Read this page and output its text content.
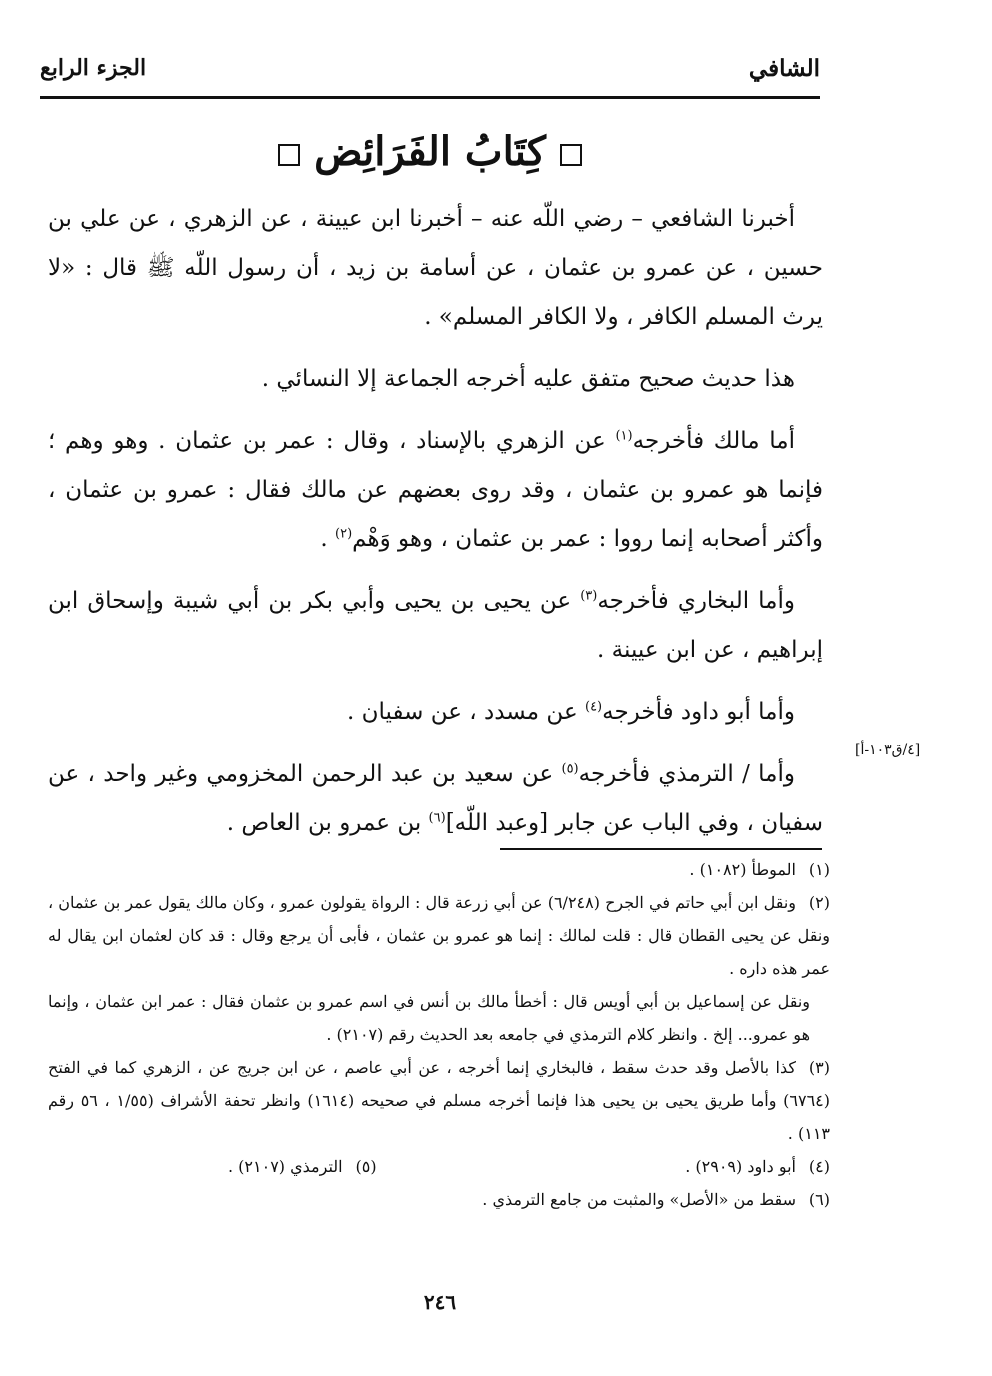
الشافي
الجزء الرابع
كِتَابُ الفَرَائِض

أخبرنا الشافعي – رضي اللّه عنه – أخبرنا ابن عيينة ، عن الزهري ، عن علي بن حسين ، عن عمرو بن عثمان ، عن أسامة بن زيد ، أن رسول اللّه ﷺ قال : «لا يرث المسلم الكافر ، ولا الكافر المسلم» .

هذا حديث صحيح متفق عليه أخرجه الجماعة إلا النسائي .

أما مالك فأخرجه$^{(١)}$ عن الزهري بالإسناد ، وقال : عمر بن عثمان . وهو وهم ؛ فإنما هو عمرو بن عثمان ، وقد روى بعضهم عن مالك فقال : عمرو بن عثمان ، وأكثر أصحابه إنما رووا : عمر بن عثمان ، وهو وَهْم$^{(٢)}$ .

وأما البخاري فأخرجه$^{(٣)}$ عن يحيى بن يحيى وأبي بكر بن أبي شيبة وإسحاق ابن إبراهيم ، عن ابن عيينة .

وأما أبو داود فأخرجه$^{(٤)}$ عن مسدد ، عن سفيان .

وأما / الترمذي فأخرجه$^{(٥)}$ عن سعيد بن عبد الرحمن المخزومي وغير واحد ، عن سفيان ، وفي الباب عن جابر [وعبد اللّه]$^{(٦)}$ بن عمرو بن العاص .

[٤/ق١٠٣-أ]

(١)الموطأ (١٠٨٢) .

(٢)ونقل ابن أبي حاتم في الجرح (٦/٢٤٨) عن أبي زرعة قال : الرواة يقولون عمرو ، وكان مالك يقول عمر بن عثمان ، ونقل عن يحيى القطان قال : قلت لمالك : إنما هو عمرو بن عثمان ، فأبى أن يرجع وقال : قد كان لعثمان ابن يقال له عمر هذه داره .

ونقل عن إسماعيل بن أبي أويس قال : أخطأ مالك بن أنس في اسم عمرو بن عثمان فقال : عمر ابن عثمان ، وإنما هو عمرو... إلخ . وانظر كلام الترمذي في جامعه بعد الحديث رقم (٢١٠٧) .

(٣)كذا بالأصل وقد حدث سقط ، فالبخاري إنما أخرجه ، عن أبي عاصم ، عن ابن جريج عن ، الزهري كما في الفتح (٦٧٦٤) وأما طريق يحيى بن يحيى هذا فإنما أخرجه مسلم في صحيحه (١٦١٤) وانظر تحفة الأشراف (١/٥٥ ، ٥٦ رقم ١١٣) .

(٤)أبو داود (٢٩٠٩) .

(٥)الترمذي (٢١٠٧) .

(٦)سقط من «الأصل» والمثبت من جامع الترمذي .

٢٤٦
